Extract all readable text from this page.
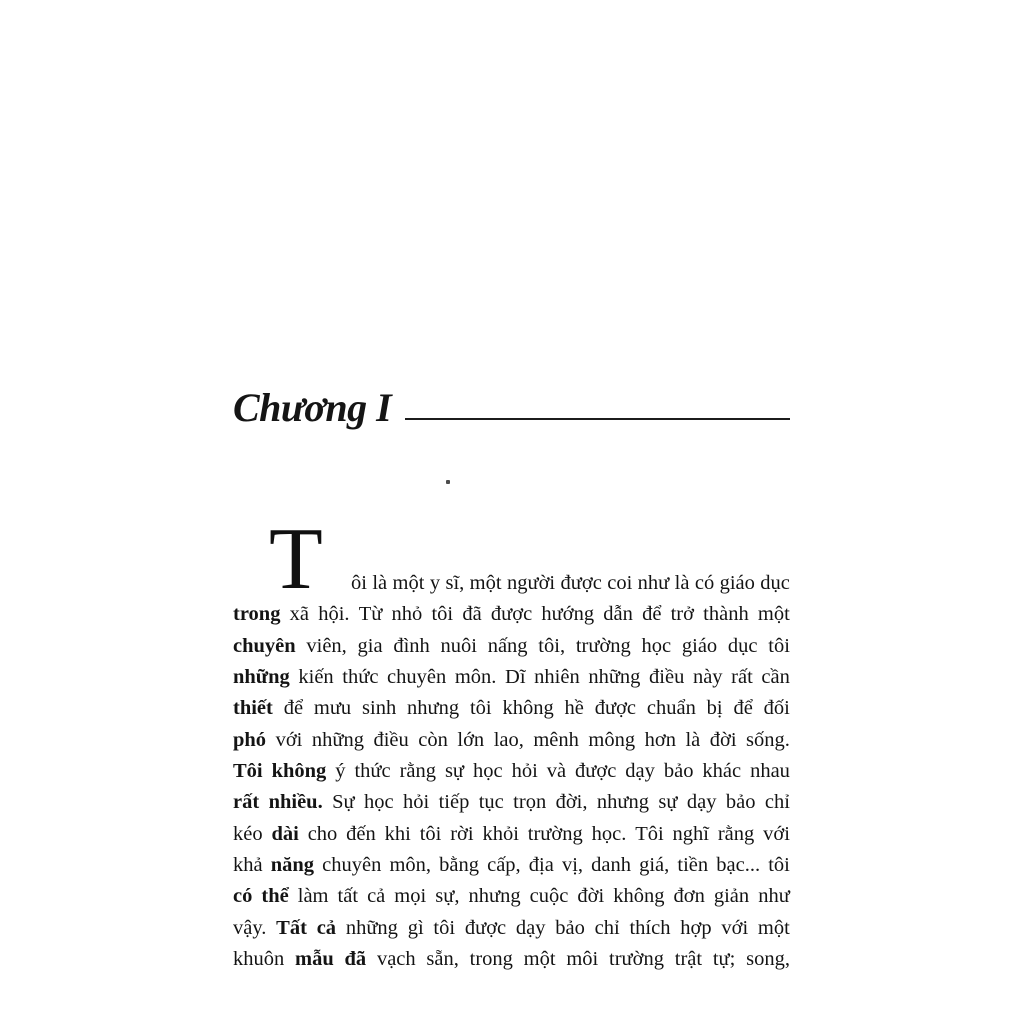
Chương I
T ôi là một y sĩ, một người được coi như là có giáo dục
trong xã hội. Từ nhỏ tôi đã được hướng dẫn để trở thành một
chuyên viên, gia đình nuôi nấng tôi, trường học giáo dục tôi
những kiến thức chuyên môn. Dĩ nhiên những điều này rất cần
thiết để mưu sinh nhưng tôi không hề được chuẩn bị để đối
phó với những điều còn lớn lao, mênh mông hơn là đời sống.
Tôi không ý thức rằng sự học hỏi và được dạy bảo khác nhau
rất nhiều. Sự học hỏi tiếp tục trọn đời, nhưng sự dạy bảo chỉ
kéo dài cho đến khi tôi rời khỏi trường học. Tôi nghĩ rằng với
khả năng chuyên môn, bằng cấp, địa vị, danh giá, tiền bạc... tôi
có thể làm tất cả mọi sự, nhưng cuộc đời không đơn giản như
vậy. Tất cả những gì tôi được dạy bảo chỉ thích hợp với một
khuôn mẫu đã vạch sẵn, trong một môi trường trật tự; song,
